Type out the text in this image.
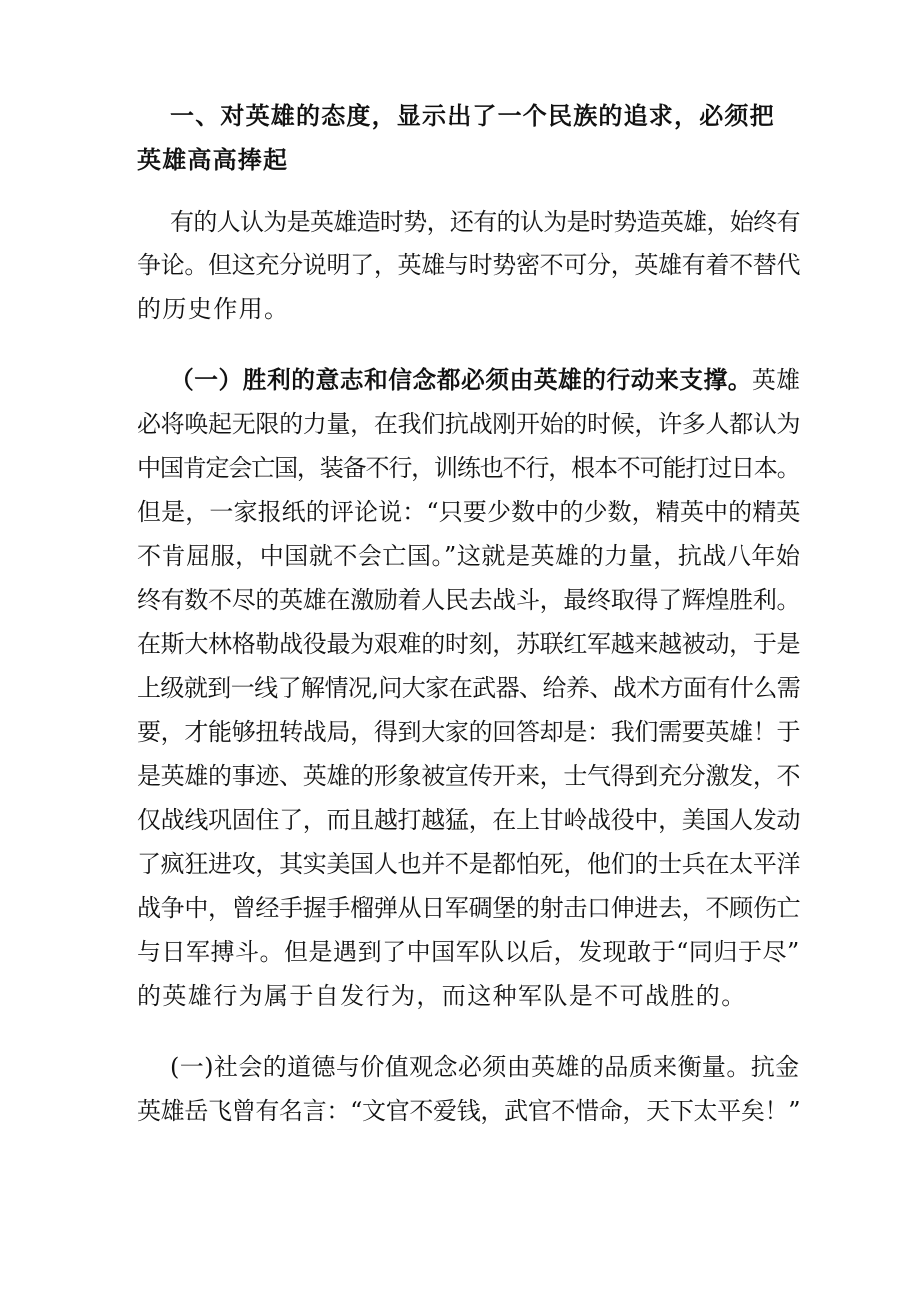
一、对英雄的态度，显示出了一个民族的追求，必须把
英雄高高捧起
有的人认为是英雄造时势，还有的认为是时势造英雄，始终有
争论。但这充分说明了，英雄与时势密不可分，英雄有着不替代
的历史作用。
（一）胜利的意志和信念都必须由英雄的行动来支撑。英雄
必将唤起无限的力量，在我们抗战刚开始的时候，许多人都认为
中国肯定会亡国，装备不行，训练也不行，根本不可能打过日本。
但是，一家报纸的评论说：“只要少数中的少数，精英中的精英
不肯屈服，中国就不会亡国。”这就是英雄的力量，抗战八年始
终有数不尽的英雄在激励着人民去战斗，最终取得了辉煌胜利。
在斯大林格勒战役最为艰难的时刻，苏联红军越来越被动，于是
上级就到一线了解情况,问大家在武器、给养、战术方面有什么需
要，才能够扭转战局，得到大家的回答却是：我们需要英雄！于
是英雄的事迹、英雄的形象被宣传开来，士气得到充分激发，不
仅战线巩固住了，而且越打越猛，在上甘岭战役中，美国人发动
了疯狂进攻，其实美国人也并不是都怕死，他们的士兵在太平洋
战争中，曾经手握手榴弹从日军碉堡的射击口伸进去，不顾伤亡
与日军搏斗。但是遇到了中国军队以后，发现敢于“同归于尽”
的英雄行为属于自发行为，而这种军队是不可战胜的。
(一)社会的道德与价值观念必须由英雄的品质来衡量。抗金
英雄岳飞曾有名言：“文官不爱钱，武官不惜命，天下太平矣！”
